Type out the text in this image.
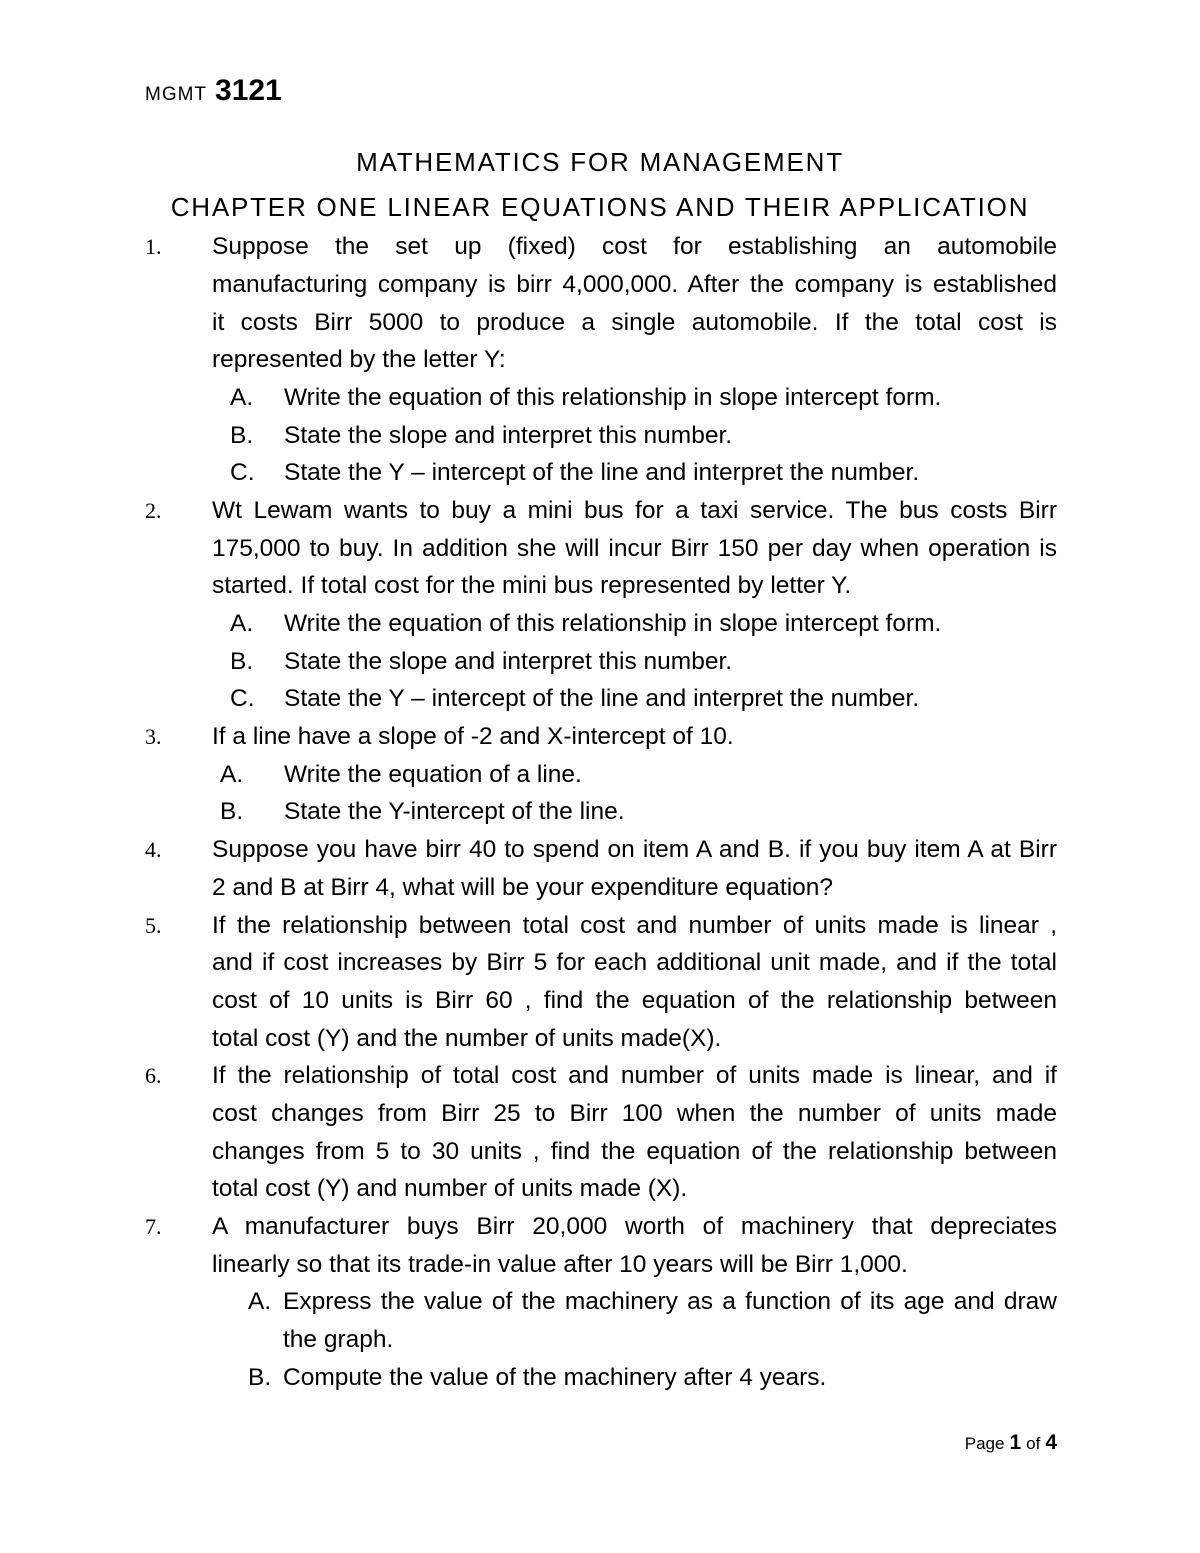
MGMT 3121
MATHEMATICS FOR MANAGEMENT
CHAPTER ONE LINEAR EQUATIONS AND THEIR APPLICATION
1.	Suppose the set up (fixed) cost for establishing an automobile
manufacturing company is birr 4,000,000. After the company is established
it costs Birr 5000 to produce a single automobile. If the total cost is
represented by the letter Y:
A.	Write the equation of this relationship in slope intercept form.
B.	State the slope and interpret this number.
C.	State the Y – intercept of the line and interpret the number.
2.	Wt Lewam wants to buy a mini bus for a taxi service. The bus costs Birr
175,000 to buy. In addition she will incur Birr 150 per day when operation is
started. If total cost for the mini bus represented by letter Y.
A.	Write the equation of this relationship in slope intercept form.
B.	State the slope and interpret this number.
C.	State the Y – intercept of the line and interpret the number.
3.	If a line have a slope of -2 and X-intercept of 10.
A.	Write the equation of a line.
B.	State the Y-intercept of the line.
4.	Suppose you have birr 40 to spend on item A and B. if you buy item A at Birr
2 and B at Birr 4, what will be your expenditure equation?
5.	If the relationship between total cost and number of units made is linear ,
and if cost increases by Birr 5 for each additional unit made, and if the total
cost of 10 units is Birr 60 , find the equation of the relationship between
total cost (Y) and the number of units made(X).
6.	If the relationship of total cost and number of units made is linear, and if
cost changes from Birr 25 to Birr 100 when the number of units made
changes from 5 to 30 units , find the equation of the relationship between
total cost (Y) and number of units made (X).
7.	A manufacturer buys Birr 20,000 worth of machinery that depreciates
linearly so that its trade-in value after 10 years will be Birr 1,000.
A. Express the value of the machinery as a function of its age and draw
the graph.
B. Compute the value of the machinery after 4 years.
Page 1 of 4
